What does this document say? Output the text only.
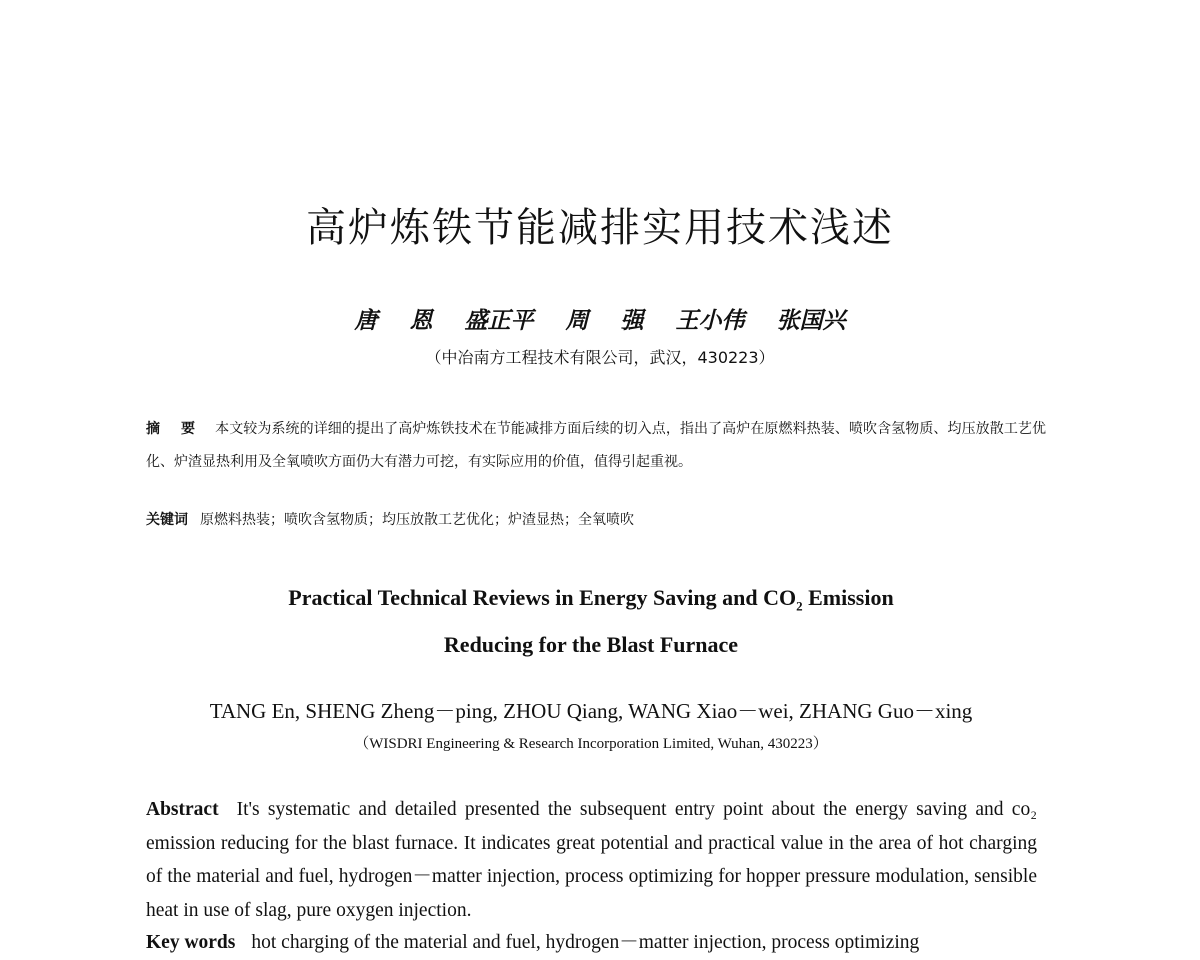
高炉炼铁节能减排实用技术浅述
唐 恩 盛正平 周 强 王小伟 张国兴
（中冶南方工程技术有限公司，武汉，430223）
摘 要 本文较为系统的详细的提出了高炉炼铁技术在节能减排方面后续的切入点，指出了高炉在原燃料热装、喷吹含氢物质、均压放散工艺优化、炉渣显热利用及全氧喷吹方面仍大有潜力可挖，有实际应用的价值，值得引起重视。
关键词 原燃料热装；喷吹含氢物质；均压放散工艺优化；炉渣显热；全氧喷吹
Practical Technical Reviews in Energy Saving and $CO_2$ Emission
Reducing for the Blast Furnace
TANG En, SHENG Zheng－ping, ZHOU Qiang, WANG Xiao－wei, ZHANG Guo－xing
（WISDRI Engineering & Research Incorporation Limited, Wuhan, 430223）
Abstract It's systematic and detailed presented the subsequent entry point about the energy saving and co₂ emission reducing for the blast furnace. It indicates great potential and practical value in the area of hot charging of the material and fuel, hydrogen－matter injection, process optimizing for hopper pressure modulation, sensible heat in use of slag, pure oxygen injection.
Key words hot charging of the material and fuel, hydrogen－matter injection, process optimizing
